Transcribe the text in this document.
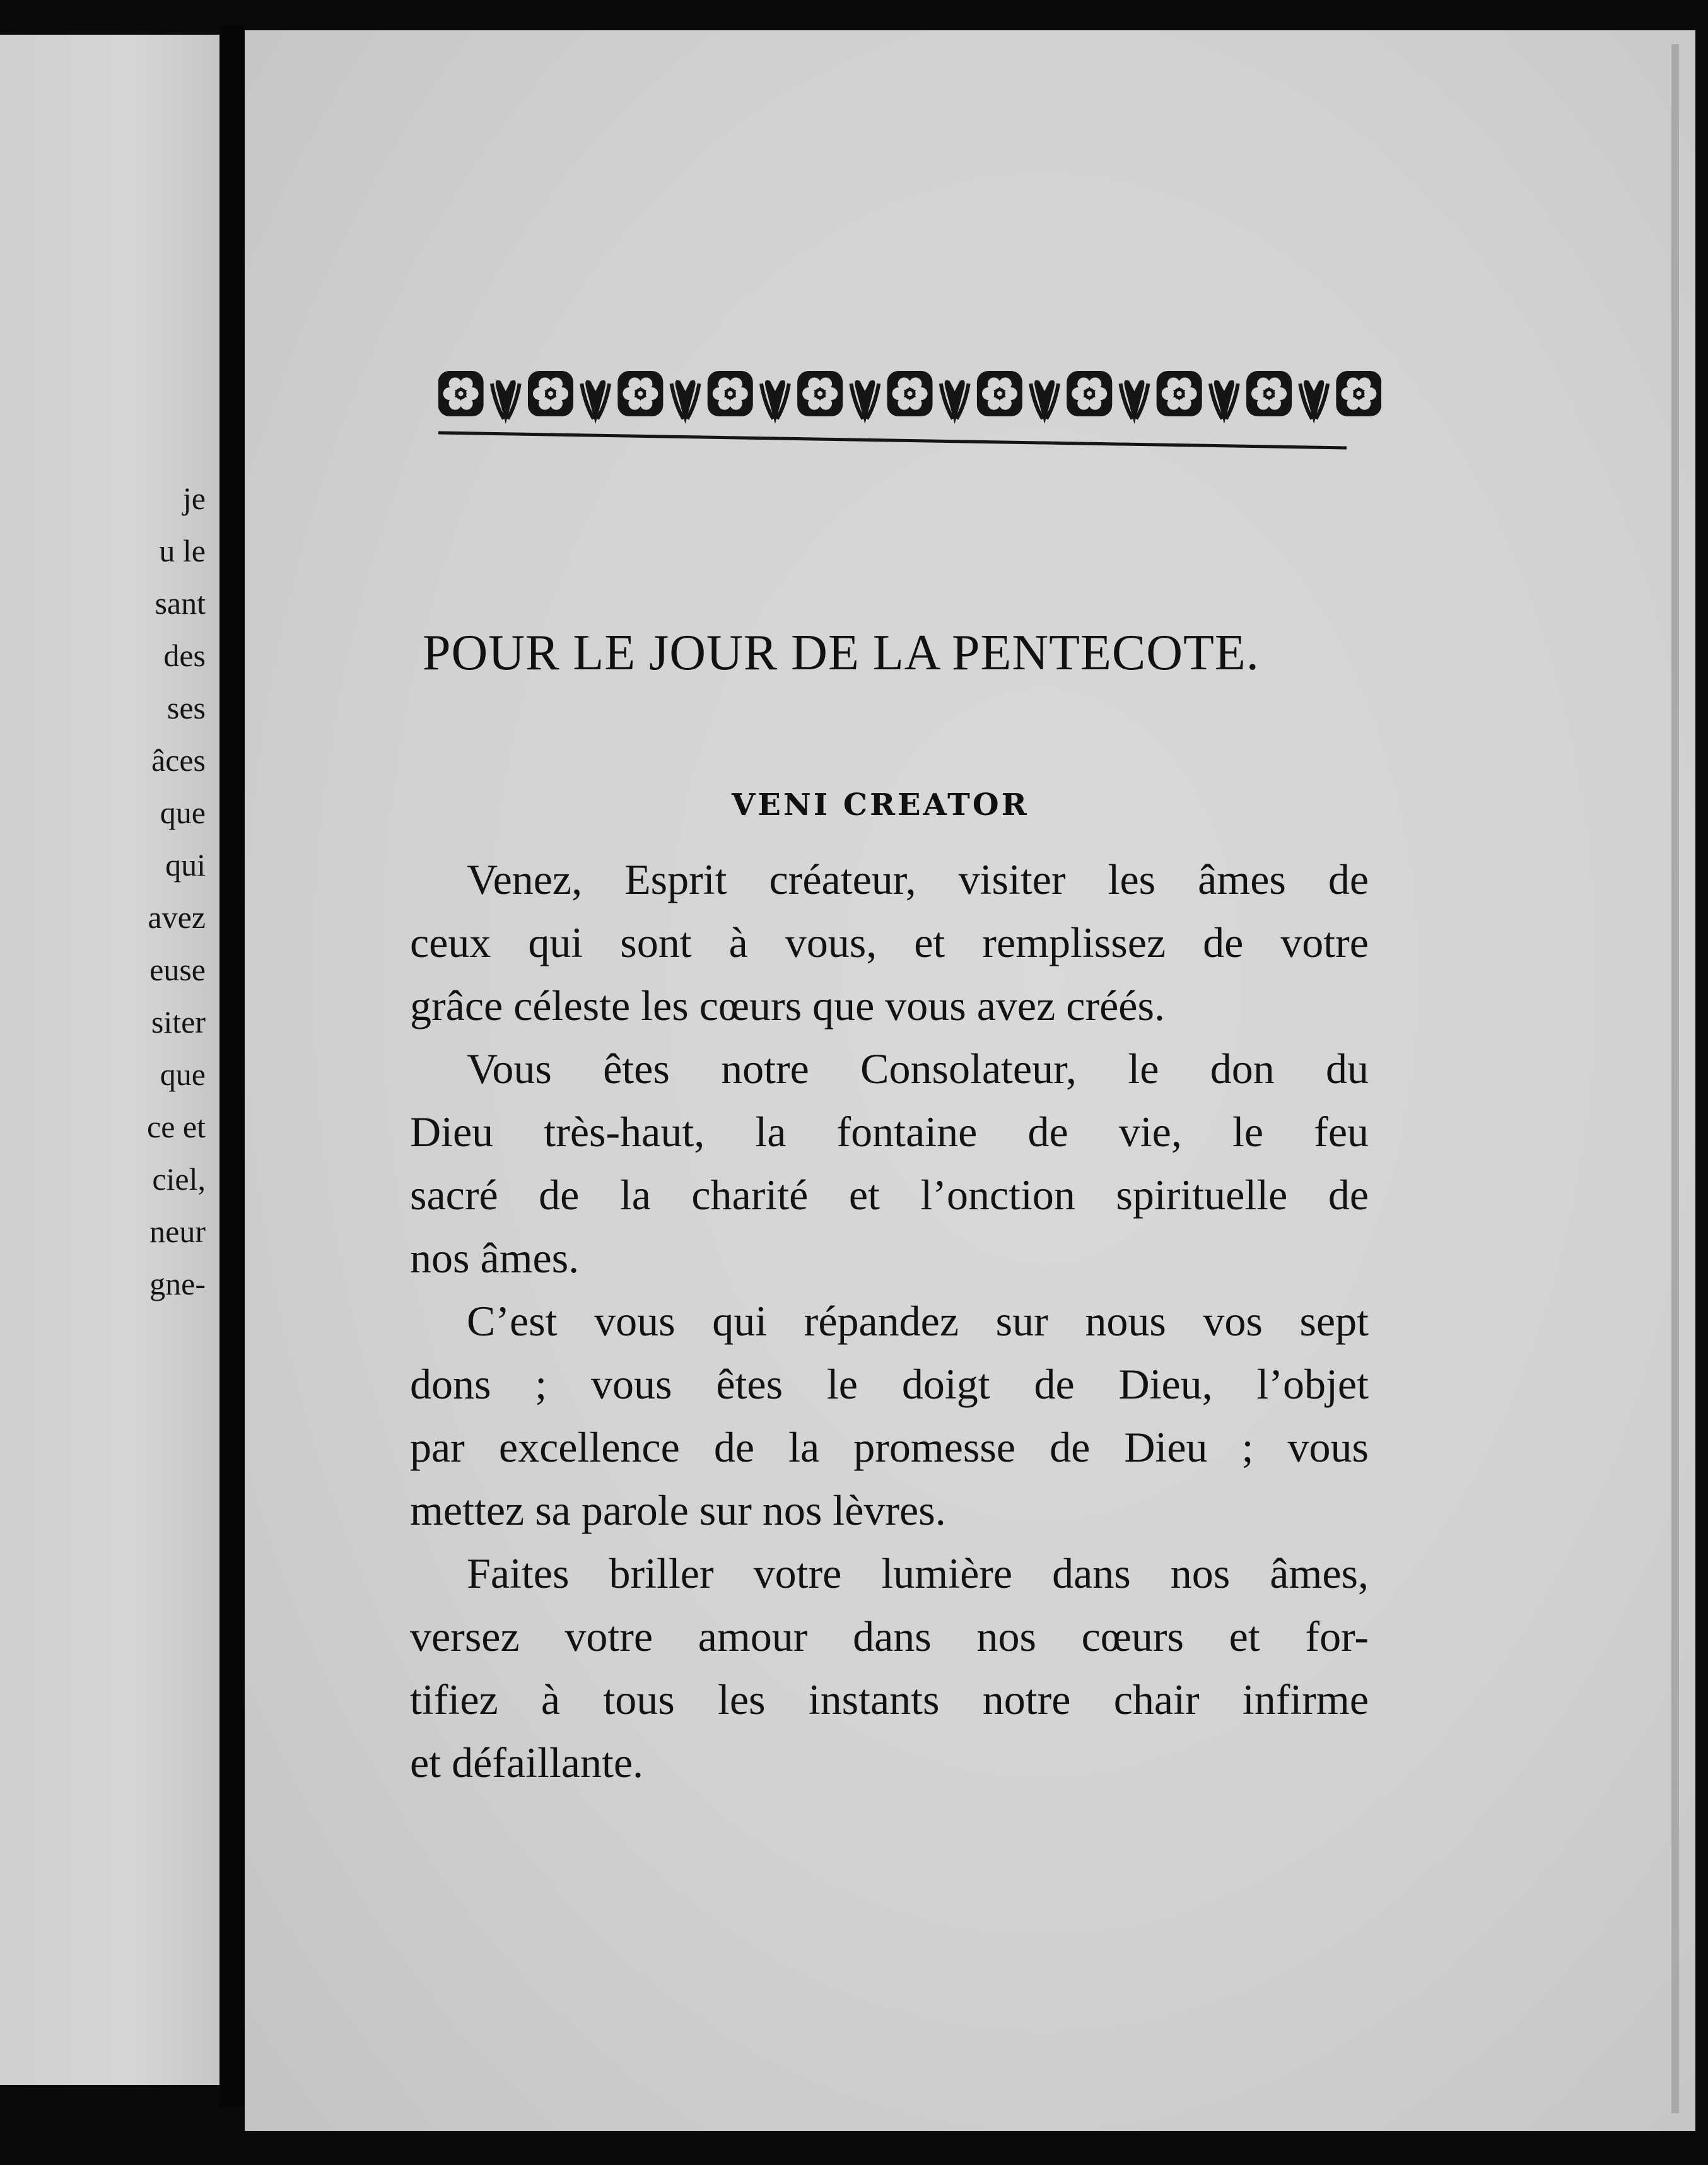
je
u le
sant
des
ses
âces
que
qui
avez
euse
siter
que
ce et
ciel,
neur
gne-
POUR LE JOUR DE LA PENTECOTE.
VENI CREATOR
Venez, Esprit créateur, visiter les âmes de
ceux qui sont à vous, et remplissez de votre
grâce céleste les cœurs que vous avez créés.
Vous êtes notre Consolateur, le don du
Dieu très-haut, la fontaine de vie, le feu
sacré de la charité et l’onction spirituelle de
nos âmes.
C’est vous qui répandez sur nous vos sept
dons ; vous êtes le doigt de Dieu, l’objet
par excellence de la promesse de Dieu ; vous
mettez sa parole sur nos lèvres.
Faites briller votre lumière dans nos âmes,
versez votre amour dans nos cœurs et for-
tifiez à tous les instants notre chair infirme
et défaillante.
